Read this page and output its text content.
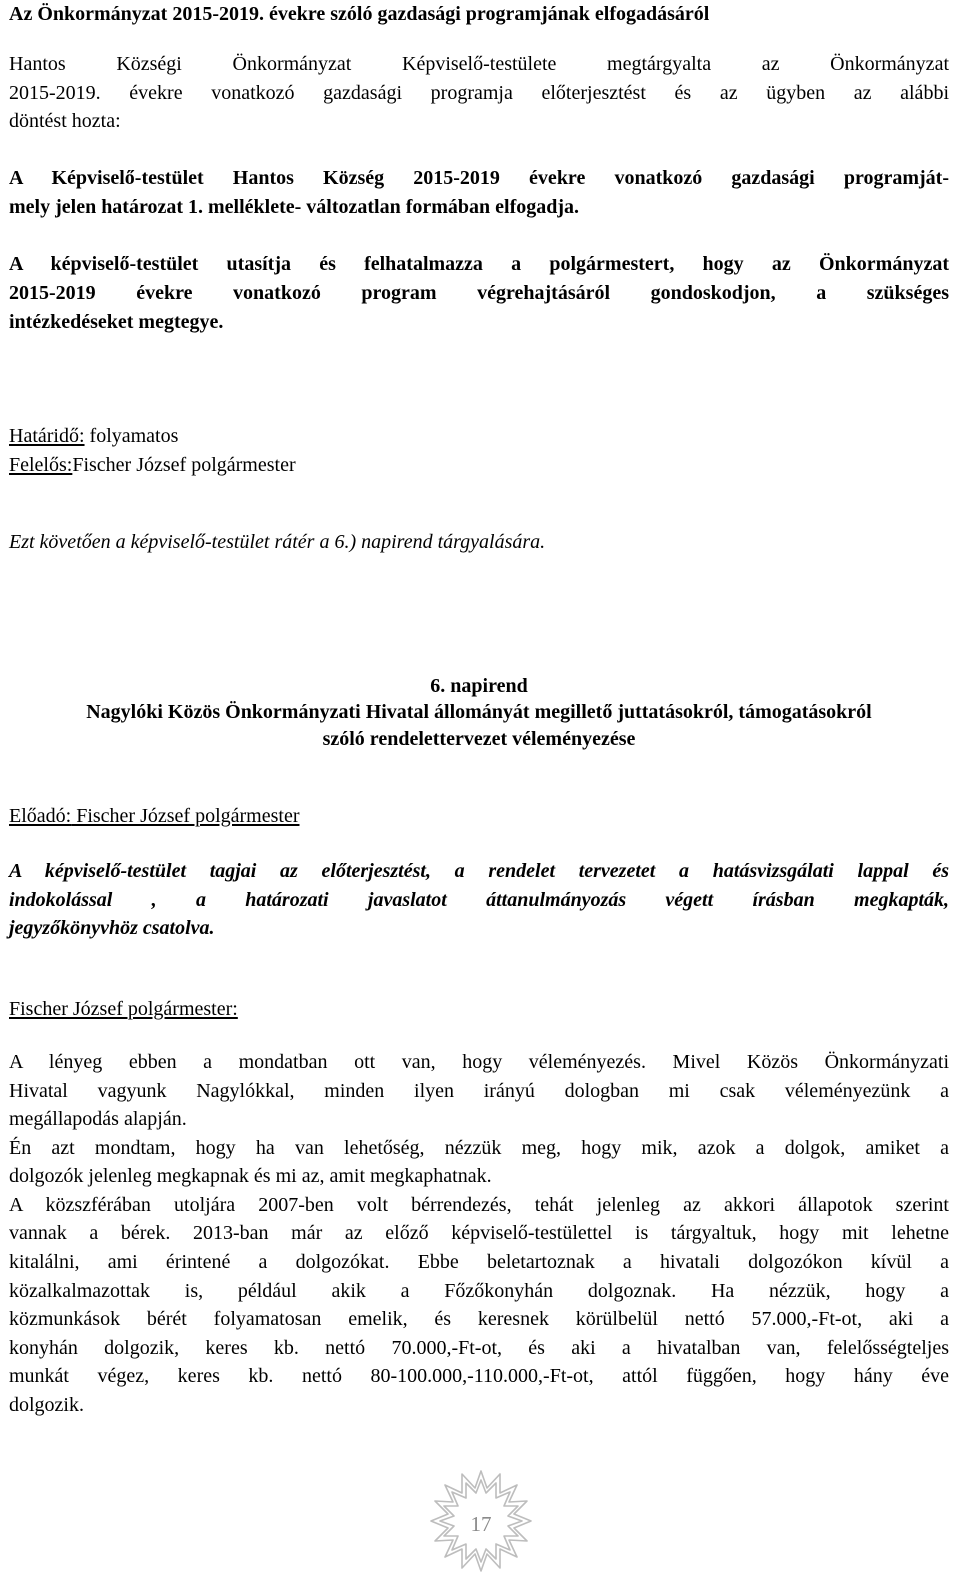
Az Önkormányzat 2015-2019. évekre szóló gazdasági programjának elfogadásáról
Hantos Községi Önkormányzat Képviselő-testülete megtárgyalta az Önkormányzat
2015-2019. évekre vonatkozó gazdasági programja előterjesztést és az ügyben az alábbi
döntést hozta:
A Képviselő-testület Hantos Község 2015-2019 évekre vonatkozó gazdasági programját-
mely jelen határozat 1. melléklete- változatlan formában elfogadja.
A képviselő-testület utasítja és felhatalmazza a polgármestert, hogy az Önkormányzat
2015-2019 évekre vonatkozó program végrehajtásáról gondoskodjon, a szükséges
intézkedéseket megtegye.
Határidő: folyamatos
Felelős:Fischer József polgármester
Ezt követően a képviselő-testület rátér a 6.) napirend tárgyalására.
6. napirend
Nagylóki Közös Önkormányzati Hivatal állományát megillető juttatásokról, támogatásokról
szóló rendelettervezet véleményezése
Előadó: Fischer József polgármester
A képviselő-testület tagjai az előterjesztést, a rendelet tervezetet a hatásvizsgálati lappal és
indokolással , a határozati javaslatot áttanulmányozás végett írásban megkapták,
jegyzőkönyvhöz csatolva.
Fischer József polgármester:
A lényeg ebben a mondatban ott van, hogy véleményezés. Mivel Közös Önkormányzati
Hivatal vagyunk Nagylókkal, minden ilyen irányú dologban mi csak véleményezünk a
megállapodás alapján.
Én azt mondtam, hogy ha van lehetőség, nézzük meg, hogy mik, azok a dolgok, amiket a
dolgozók jelenleg megkapnak és mi az, amit megkaphatnak.
A közszférában utoljára 2007-ben volt bérrendezés, tehát jelenleg az akkori állapotok szerint
vannak a bérek. 2013-ban már az előző képviselő-testülettel is tárgyaltuk, hogy mit lehetne
kitalálni, ami érintené a dolgozókat. Ebbe beletartoznak a hivatali dolgozókon kívül a
közalkalmazottak is, például akik a Főzőkonyhán dolgoznak. Ha nézzük, hogy a
közmunkások bérét folyamatosan emelik, és keresnek körülbelül nettó 57.000,-Ft-ot, aki a
konyhán dolgozik, keres kb. nettó 70.000,-Ft-ot, és aki a hivatalban van, felelősségteljes
munkát végez, keres kb. nettó 80-100.000,-110.000,-Ft-ot, attól függően, hogy hány éve
dolgozik.
17
